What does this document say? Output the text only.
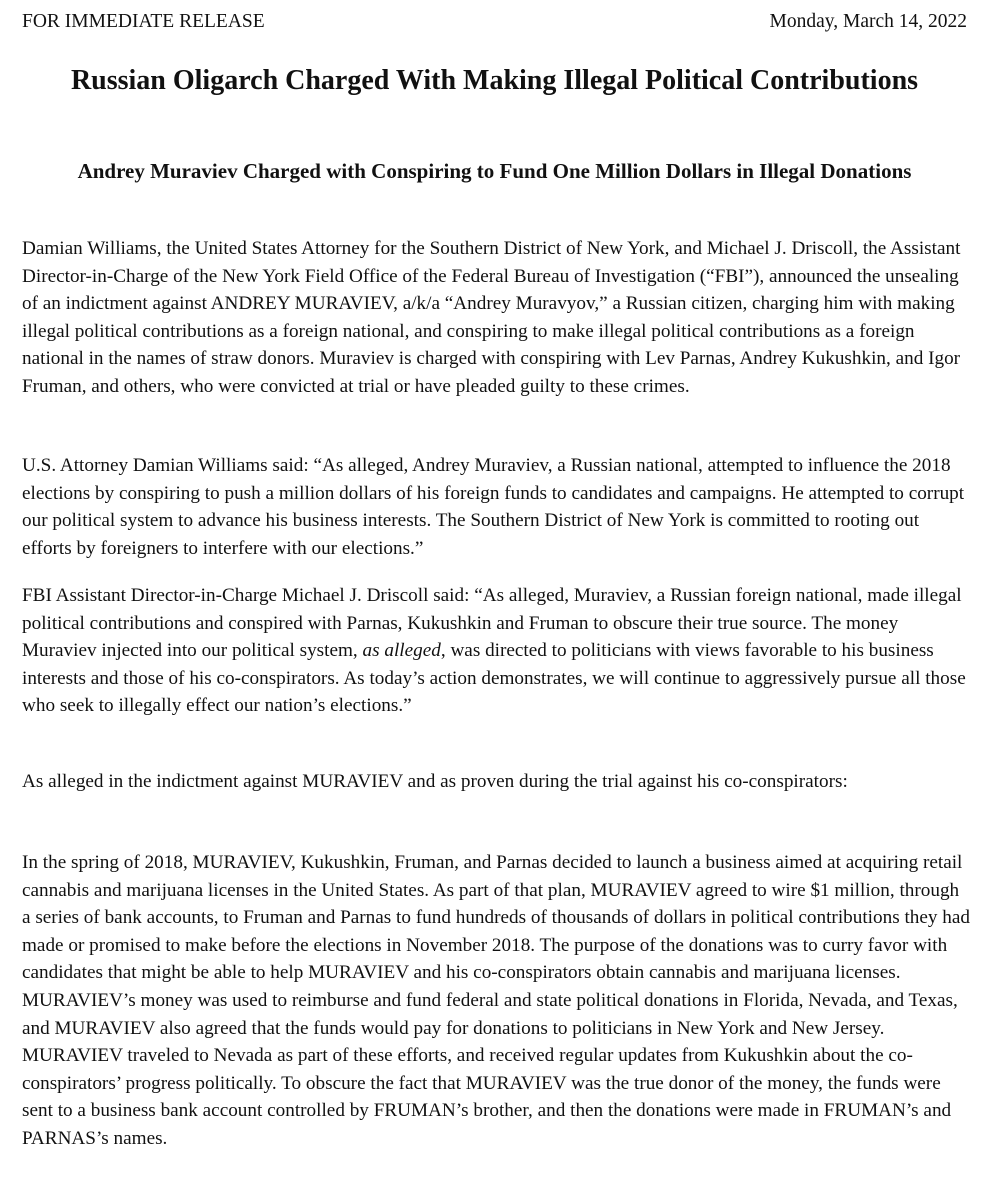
FOR IMMEDIATE RELEASE	Monday, March 14, 2022
Russian Oligarch Charged With Making Illegal Political Contributions
Andrey Muraviev Charged with Conspiring to Fund One Million Dollars in Illegal Donations

Damian Williams, the United States Attorney for the Southern District of New York, and Michael J. Driscoll, the Assistant Director-in-Charge of the New York Field Office of the Federal Bureau of Investigation (“FBI”), announced the unsealing of an indictment against ANDREY MURAVIEV, a/k/a “Andrey Muravyov,” a Russian citizen, charging him with making illegal political contributions as a foreign national, and conspiring to make illegal political contributions as a foreign national in the names of straw donors. Muraviev is charged with conspiring with Lev Parnas, Andrey Kukushkin, and Igor Fruman, and others, who were convicted at trial or have pleaded guilty to these crimes.

U.S. Attorney Damian Williams said: “As alleged, Andrey Muraviev, a Russian national, attempted to influence the 2018 elections by conspiring to push a million dollars of his foreign funds to candidates and campaigns. He attempted to corrupt our political system to advance his business interests. The Southern District of New York is committed to rooting out efforts by foreigners to interfere with our elections.”

FBI Assistant Director-in-Charge Michael J. Driscoll said: “As alleged, Muraviev, a Russian foreign national, made illegal political contributions and conspired with Parnas, Kukushkin and Fruman to obscure their true source. The money Muraviev injected into our political system, as alleged, was directed to politicians with views favorable to his business interests and those of his co-conspirators. As today’s action demonstrates, we will continue to aggressively pursue all those who seek to illegally effect our nation’s elections.”

As alleged in the indictment against MURAVIEV and as proven during the trial against his co-conspirators:

In the spring of 2018, MURAVIEV, Kukushkin, Fruman, and Parnas decided to launch a business aimed at acquiring retail cannabis and marijuana licenses in the United States. As part of that plan, MURAVIEV agreed to wire $1 million, through a series of bank accounts, to Fruman and Parnas to fund hundreds of thousands of dollars in political contributions they had made or promised to make before the elections in November 2018. The purpose of the donations was to curry favor with candidates that might be able to help MURAVIEV and his co-conspirators obtain cannabis and marijuana licenses. MURAVIEV’s money was used to reimburse and fund federal and state political donations in Florida, Nevada, and Texas, and MURAVIEV also agreed that the funds would pay for donations to politicians in New York and New Jersey. MURAVIEV traveled to Nevada as part of these efforts, and received regular updates from Kukushkin about the co-conspirators’ progress politically. To obscure the fact that MURAVIEV was the true donor of the money, the funds were sent to a business bank account controlled by FRUMAN’s brother, and then the donations were made in FRUMAN’s and PARNAS’s names.
